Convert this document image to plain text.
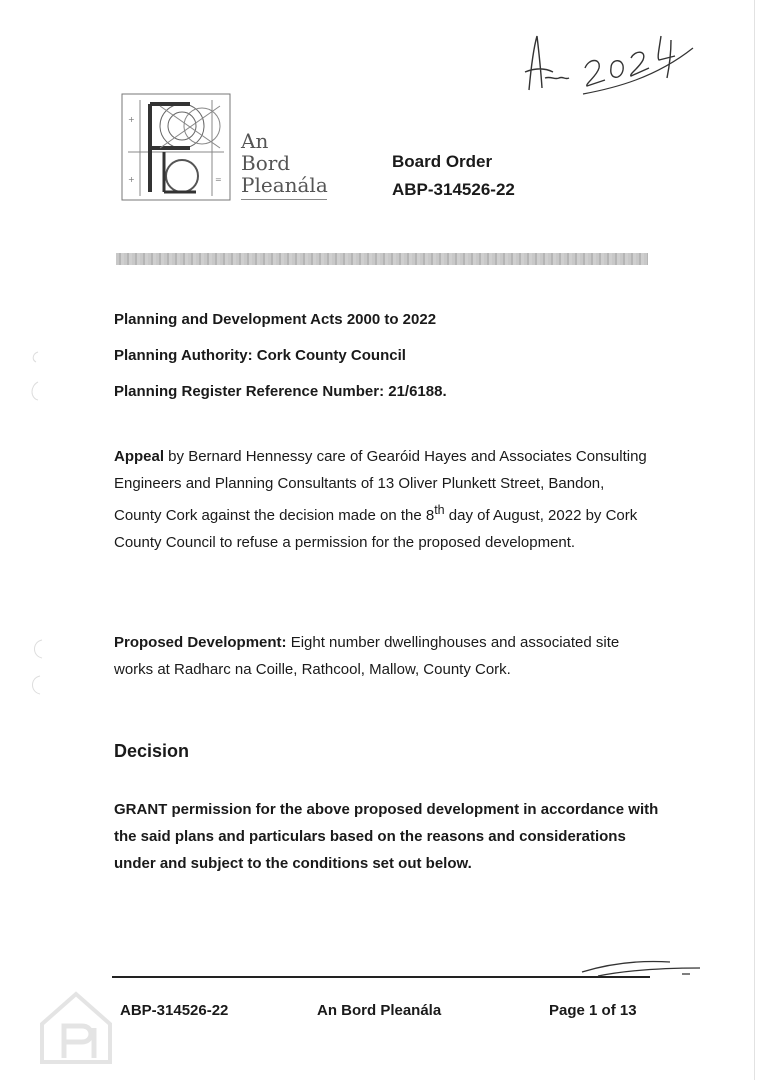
+
+	=
An
Bord
Pleanála
Board Order
ABP-314526-22
Planning and Development Acts 2000 to 2022
Planning Authority: Cork County Council
Planning Register Reference Number: 21/6188.
Appeal by Bernard Hennessy care of Gearóid Hayes and Associates Consulting Engineers and Planning Consultants of 13 Oliver Plunkett Street, Bandon, County Cork against the decision made on the 8th day of August, 2022 by Cork County Council to refuse a permission for the proposed development.
Proposed Development: Eight number dwellinghouses and associated site works at Radharc na Coille, Rathcool, Mallow, County Cork.
Decision
GRANT permission for the above proposed development in accordance with the said plans and particulars based on the reasons and considerations under and subject to the conditions set out below.
ABP-314526-22	An Bord Pleanála	Page 1 of 13
